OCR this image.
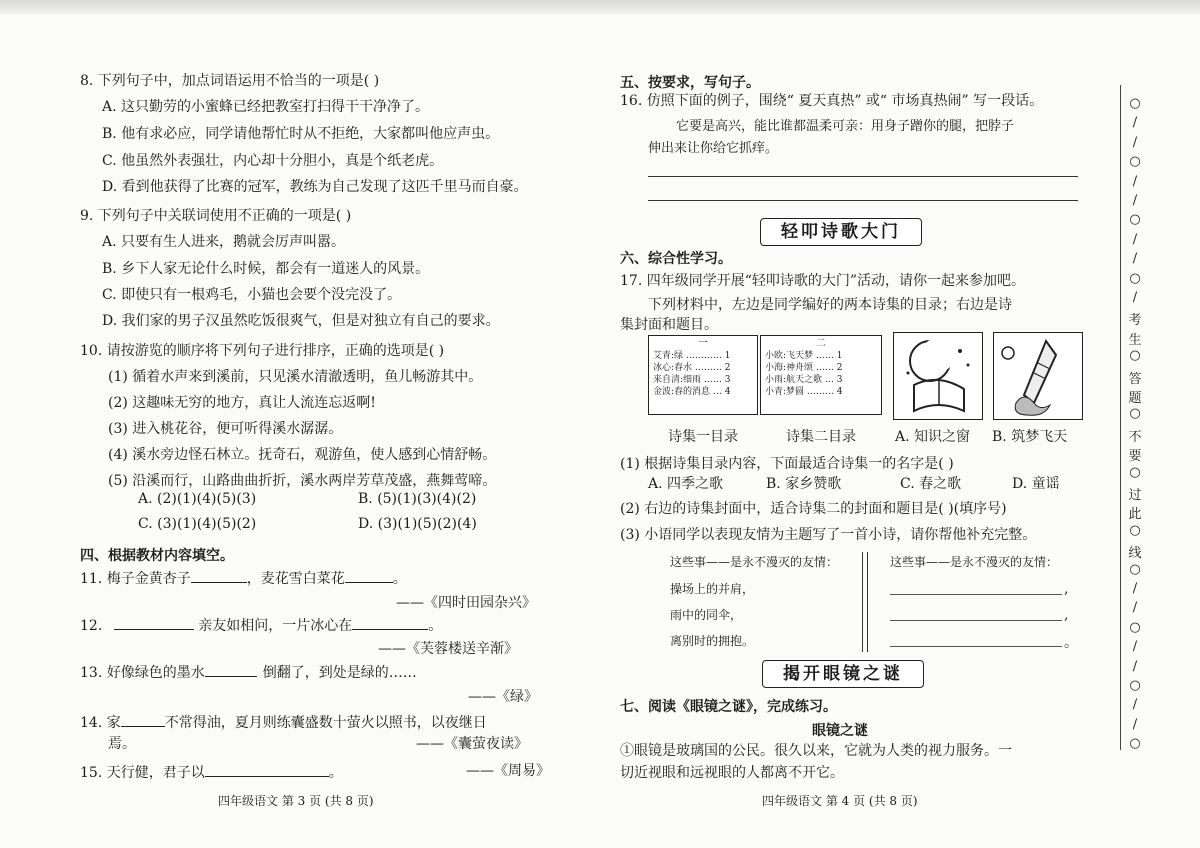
8. 下列句子中，加点词语运用不恰当的一项是( )
A. 这只勤劳的小蜜蜂已经把教室打扫得干干净净了。
B. 他有求必应，同学请他帮忙时从不拒绝，大家都叫他应声虫。
C. 他虽然外表强壮，内心却十分胆小，真是个纸老虎。
D. 看到他获得了比赛的冠军，教练为自己发现了这匹千里马而自豪。
9. 下列句子中关联词使用不正确的一项是( )
A. 只要有生人进来，鹅就会厉声叫嚣。
B. 乡下人家无论什么时候，都会有一道迷人的风景。
C. 即使只有一根鸡毛，小猫也会要个没完没了。
D. 我们家的男子汉虽然吃饭很爽气，但是对独立有自己的要求。
10. 请按游览的顺序将下列句子进行排序，正确的选项是( )
(1) 循着水声来到溪前，只见溪水清澈透明，鱼儿畅游其中。
(2) 这趣味无穷的地方，真让人流连忘返啊!
(3) 进入桃花谷，便可听得溪水潺潺。
(4) 溪水旁边怪石林立。抚奇石，观游鱼，使人感到心情舒畅。
(5) 沿溪而行，山路曲曲折折，溪水两岸芳草茂盛，燕舞莺啼。
A. (2)(1)(4)(5)(3)	B. (5)(1)(3)(4)(2)
C. (3)(1)(4)(5)(2)	D. (3)(1)(5)(2)(4)
四、根据教材内容填空。
11. 梅子金黄杏子	，麦花雪白菜花	。
——《四时田园杂兴》
12.	亲友如相问，一片冰心在	。
——《芙蓉楼送辛渐》
13. 好像绿色的墨水	倒翻了，到处是绿的……
——《绿》
14. 家	不常得油，夏月则练囊盛数十萤火以照书，以夜继日
焉。	——《囊萤夜读》
15. 天行健，君子以	。	——《周易》
四年级语文 第 3 页 (共 8 页)
五、按要求，写句子。
16. 仿照下面的例子，围绕“ 夏天真热” 或“ 市场真热闹” 写一段话。
它要是高兴，能比谁都温柔可亲：用身子蹭你的腿，把脖子
伸出来让你给它抓痒。
轻叩诗歌大门
六、综合性学习。
17. 四年级同学开展“轻叩诗歌的大门”活动，请你一起来参加吧。
下列材料中，左边是同学编好的两本诗集的目录；右边是诗
集封面和题目。
一
艾青:绿 ………… 1
冰心:春水 ……… 2
来自清:细雨 …… 3
金波:春的消息 … 4
二
小欧:飞天梦 …… 1
小海:神舟颂 …… 2
小雨:航天之歌 … 3
小青:梦圆 ……… 4
诗集一目录	诗集二目录	A. 知识之窗 B. 筑梦飞天
(1) 根据诗集目录内容，下面最适合诗集一的名字是( )
A. 四季之歌	B. 家乡赞歌	C. 春之歌	D. 童谣
(2) 右边的诗集封面中，适合诗集二的封面和题目是( )(填序号)
(3) 小语同学以表现友情为主题写了一首小诗，请你帮他补充完整。
这些事——是永不漫灭的友情：
操场上的并肩，
雨中的同伞，
离别时的拥抱。
这些事——是永不漫灭的友情：
,
,
。
揭开眼镜之谜
七、阅读《眼镜之谜》，完成练习。
眼镜之谜
①眼镜是玻璃国的公民。很久以来，它就为人类的视力服务。一
切近视眼和远视眼的人都离不开它。
四年级语文 第 4 页 (共 8 页)
○
/
/
○
/
/
○
/
/
○
/
考
生
○
答
题
○
不
要
○
过
此
○
线
○
/
/
○
/
/
○
/
/
○
